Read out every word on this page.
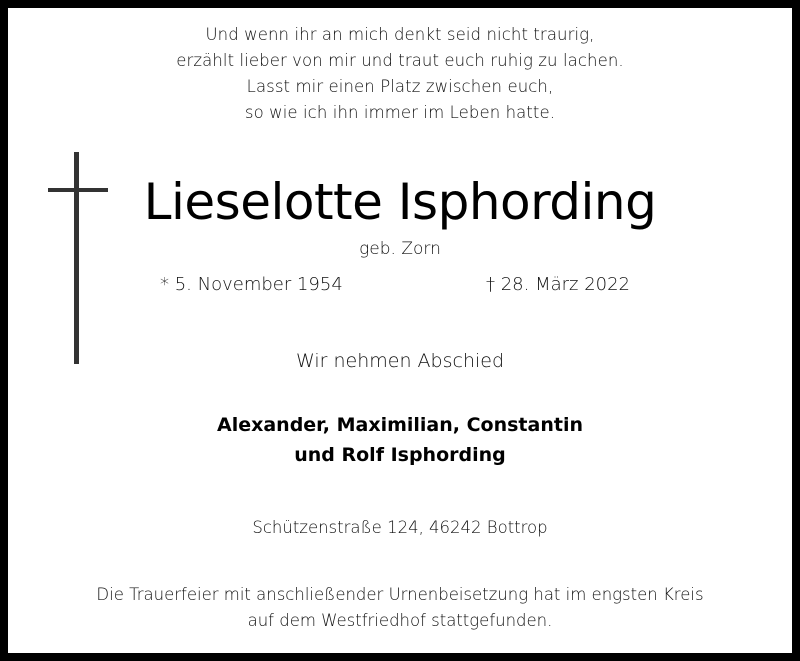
Und wenn ihr an mich denkt seid nicht traurig,
erzählt lieber von mir und traut euch ruhig zu lachen.
Lasst mir einen Platz zwischen euch,
so wie ich ihn immer im Leben hatte.
Lieselotte Isphording
geb. Zorn
* 5. November 1954	† 28. März 2022
Wir nehmen Abschied
Alexander, Maximilian, Constantin
und Rolf Isphording
Schützenstraße 124, 46242 Bottrop
Die Trauerfeier mit anschließender Urnenbeisetzung hat im engsten Kreis
auf dem Westfriedhof stattgefunden.
